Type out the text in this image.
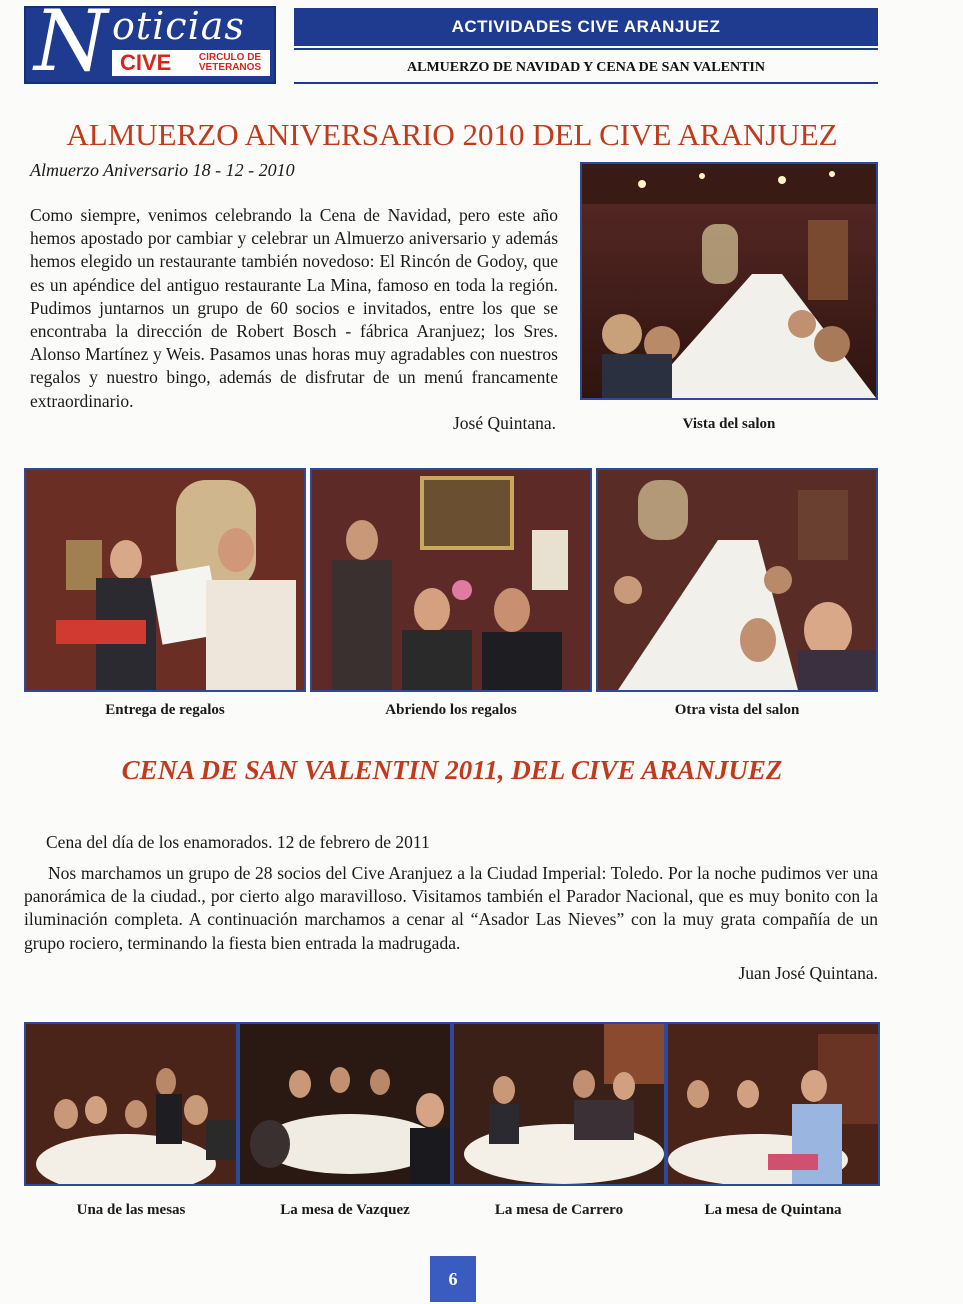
N oticias
CIVE	CIRCULO DE
VETERANOS
ACTIVIDADES CIVE ARANJUEZ
ALMUERZO DE NAVIDAD Y CENA DE SAN VALENTIN
ALMUERZO ANIVERSARIO 2010 DEL CIVE ARANJUEZ
Almuerzo Aniversario 18 - 12 - 2010
Como siempre, venimos celebrando la Cena de Navidad, pero este año hemos apostado por cambiar y celebrar un Almuerzo aniversario y además hemos elegido un restaurante también novedoso: El Rincón de Godoy, que es un apéndice del antiguo restaurante La Mina, famoso en toda la región. Pudimos juntarnos un grupo de 60 socios e invitados, entre los que se encontraba la dirección de Robert Bosch - fábrica Aranjuez; los Sres. Alonso Martínez y Weis. Pasamos unas horas muy agradables con nuestros regalos y nuestro bingo, además de disfrutar de un menú francamente extraordinario.
José Quintana.	Vista del salon
Entrega de regalos	Abriendo los regalos	Otra vista del salon
CENA DE SAN VALENTIN 2011, DEL CIVE ARANJUEZ
Cena del día de los enamorados. 12 de febrero de 2011
Nos marchamos un grupo de 28 socios del Cive Aranjuez a la Ciudad Imperial: Toledo. Por la noche pudimos ver una panorámica de la ciudad., por cierto algo maravilloso. Visitamos también el Parador Nacional, que es muy bonito con la iluminación completa. A continuación marchamos a cenar al “Asador Las Nieves” con la muy grata compañía de un grupo rociero, terminando la fiesta bien entrada la madrugada.
Juan José Quintana.
Una de las mesas	La mesa de Vazquez	La mesa de Carrero	La mesa de Quintana
6
